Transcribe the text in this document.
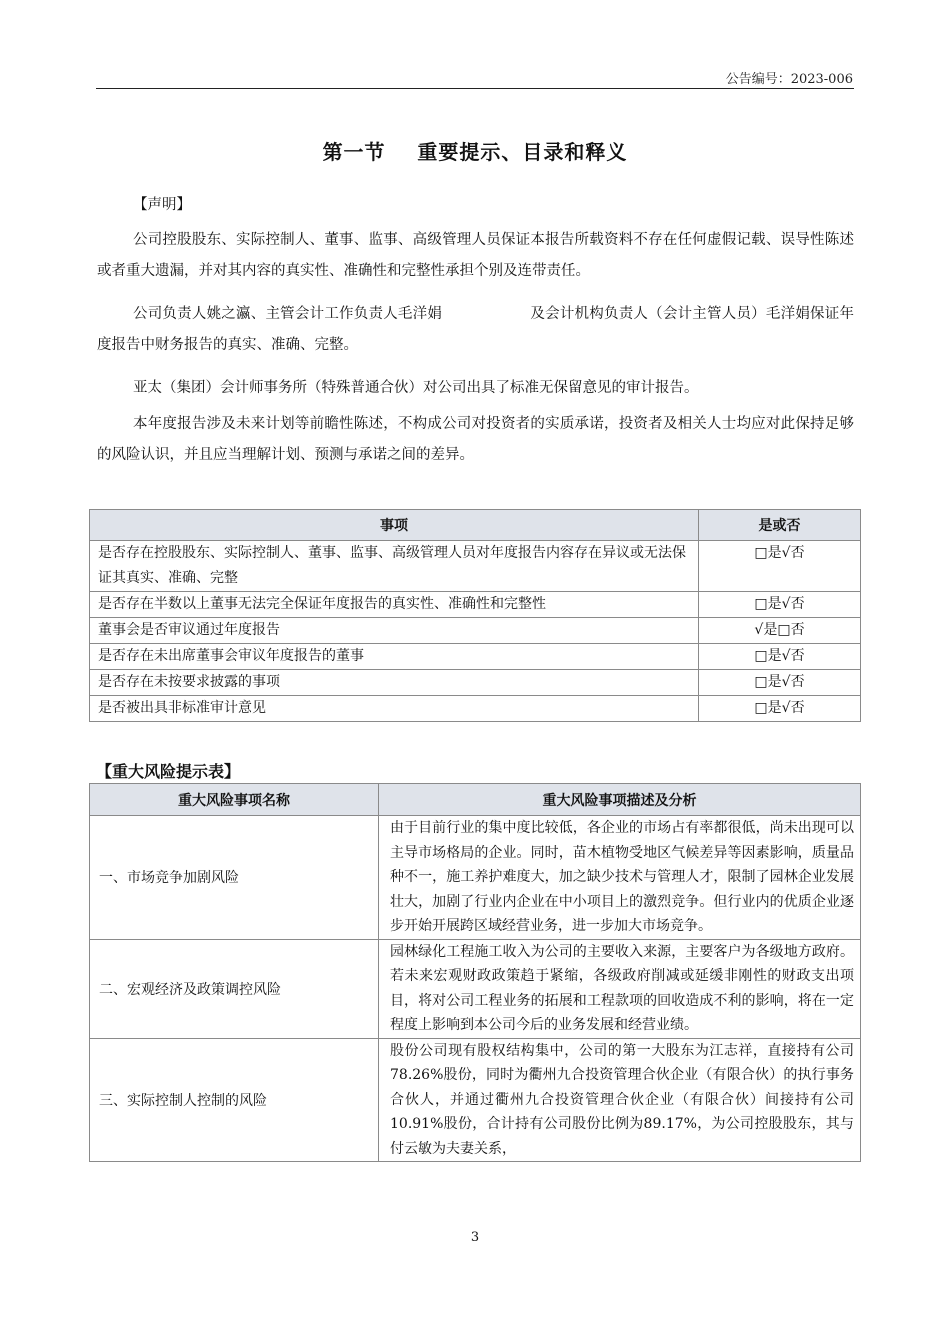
公告编号：2023-006
第一节    重要提示、目录和释义
【声明】
公司控股股东、实际控制人、董事、监事、高级管理人员保证本报告所载资料不存在任何虚假记载、误导性陈述或者重大遗漏，并对其内容的真实性、准确性和完整性承担个别及连带责任。
公司负责人姚之瀛、主管会计工作负责人毛洋娟　　　　　　及会计机构负责人（会计主管人员）毛洋娟保证年度报告中财务报告的真实、准确、完整。
亚太（集团）会计师事务所（特殊普通合伙）对公司出具了标准无保留意见的审计报告。
本年度报告涉及未来计划等前瞻性陈述，不构成公司对投资者的实质承诺，投资者及相关人士均应对此保持足够的风险认识，并且应当理解计划、预测与承诺之间的差异。
事项	是或否
是否存在控股股东、实际控制人、董事、监事、高级管理人员对年度报告内容存在异议或无法保证其真实、准确、完整	□是√否
是否存在半数以上董事无法完全保证年度报告的真实性、准确性和完整性	□是√否
董事会是否审议通过年度报告	√是□否
是否存在未出席董事会审议年度报告的董事	□是√否
是否存在未按要求披露的事项	□是√否
是否被出具非标准审计意见	□是√否
【重大风险提示表】
重大风险事项名称	重大风险事项描述及分析
一、市场竞争加剧风险	由于目前行业的集中度比较低，各企业的市场占有率都很低，尚未出现可以主导市场格局的企业。同时，苗木植物受地区气候差异等因素影响，质量品种不一，施工养护难度大，加之缺少技术与管理人才，限制了园林企业发展壮大，加剧了行业内企业在中小项目上的激烈竞争。但行业内的优质企业逐步开始开展跨区域经营业务，进一步加大市场竞争。
二、宏观经济及政策调控风险	园林绿化工程施工收入为公司的主要收入来源，主要客户为各级地方政府。若未来宏观财政政策趋于紧缩，各级政府削减或延缓非刚性的财政支出项目，将对公司工程业务的拓展和工程款项的回收造成不利的影响，将在一定程度上影响到本公司今后的业务发展和经营业绩。
三、实际控制人控制的风险	股份公司现有股权结构集中，公司的第一大股东为江志祥，直接持有公司 78.26%股份，同时为衢州九合投资管理合伙企业（有限合伙）的执行事务合伙人，并通过衢州九合投资管理合伙企业（有限合伙）间接持有公司 10.91%股份，合计持有公司股份比例为89.17%，为公司控股股东，其与付云敏为夫妻关系，
3
